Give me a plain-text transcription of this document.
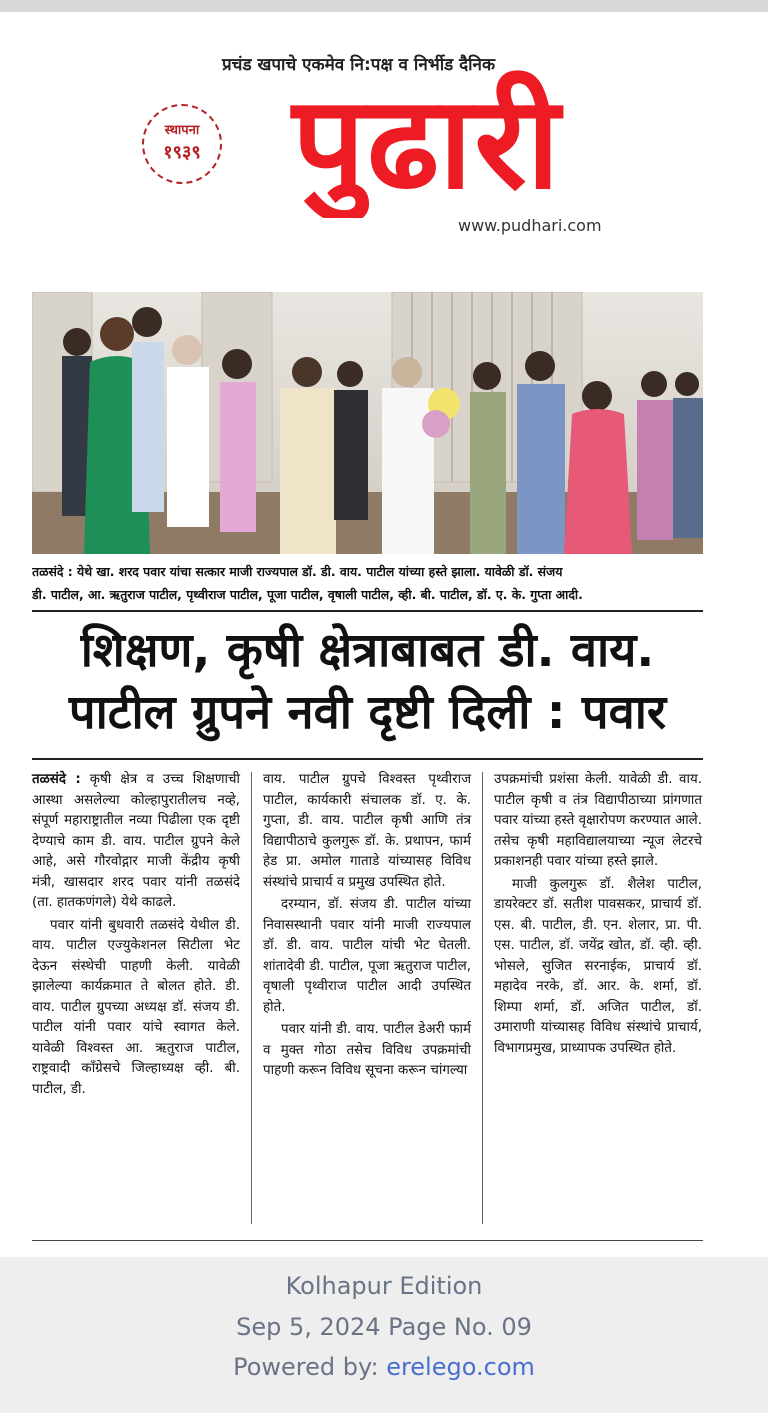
प्रचंड खपाचे एकमेव नि:पक्ष व निर्भीड दैनिक
स्थापना
१९३९ पुढारी
www.pudhari.com
तळसंदे : येथे खा. शरद पवार यांचा सत्कार माजी राज्यपाल डॉ. डी. वाय. पाटील यांच्या हस्ते झाला. यावेळी डॉ. संजय
डी. पाटील, आ. ऋतुराज पाटील, पृथ्वीराज पाटील, पूजा पाटील, वृषाली पाटील, व्ही. बी. पाटील, डॉ. ए. के. गुप्ता आदी.
शिक्षण, कृषी क्षेत्राबाबत डी. वाय.
पाटील ग्रुपने नवी दृष्टी दिली : पवार

तळसंदे : कृषी क्षेत्र व उच्च शिक्षणाची आस्था असलेल्या कोल्हापुरातीलच नव्हे, संपूर्ण महाराष्ट्रातील नव्या पिढीला एक दृष्टी देण्याचे काम डी. वाय. पाटील ग्रुपने केले आहे, असे गौरवोद्गार माजी केंद्रीय कृषी मंत्री, खासदार शरद पवार यांनी तळसंदे (ता. हातकणंगले) येथे काढले.

पवार यांनी बुधवारी तळसंदे येथील डी. वाय. पाटील एज्युकेशनल सिटीला भेट देऊन संस्थेची पाहणी केली. यावेळी झालेल्या कार्यक्रमात ते बोलत होते. डी. वाय. पाटील ग्रुपच्या अध्यक्ष डॉ. संजय डी. पाटील यांनी पवार यांचे स्वागत केले. यावेळी विश्वस्त आ. ऋतुराज पाटील, राष्ट्रवादी काँग्रेसचे जिल्हाध्यक्ष व्ही. बी. पाटील, डी.

वाय. पाटील ग्रुपचे विश्वस्त पृथ्वीराज पाटील, कार्यकारी संचालक डॉ. ए. के. गुप्ता, डी. वाय. पाटील कृषी आणि तंत्र विद्यापीठाचे कुलगुरू डॉ. के. प्रथापन, फार्म हेड प्रा. अमोल गाताडे यांच्यासह विविध संस्थांचे प्राचार्य व प्रमुख उपस्थित होते.

दरम्यान, डॉ. संजय डी. पाटील यांच्या निवासस्थानी पवार यांनी माजी राज्यपाल डॉ. डी. वाय. पाटील यांची भेट घेतली. शांतादेवी डी. पाटील, पूजा ऋतुराज पाटील, वृषाली पृथ्वीराज पाटील आदी उपस्थित होते.

पवार यांनी डी. वाय. पाटील डेअरी फार्म व मुक्त गोठा तसेच विविध उपक्रमांची पाहणी करून विविध सूचना करून चांगल्या

उपक्रमांची प्रशंसा केली. यावेळी डी. वाय. पाटील कृषी व तंत्र विद्यापीठाच्या प्रांगणात पवार यांच्या हस्ते वृक्षारोपण करण्यात आले. तसेच कृषी महाविद्यालयाच्या न्यूज लेटरचे प्रकाशनही पवार यांच्या हस्ते झाले.

माजी कुलगुरू डॉ. शैलेश पाटील, डायरेक्टर डॉ. सतीश पावसकर, प्राचार्य डॉ. एस. बी. पाटील, डी. एन. शेलार, प्रा. पी. एस. पाटील, डॉ. जयेंद्र खोत, डॉ. व्ही. व्ही. भोसले, सुजित सरनाईक, प्राचार्य डॉ. महादेव नरके, डॉ. आर. के. शर्मा, डॉ. शिम्पा शर्मा, डॉ. अजित पाटील, डॉ. उमाराणी यांच्यासह विविध संस्थांचे प्राचार्य, विभागप्रमुख, प्राध्यापक उपस्थित होते.

Kolhapur Edition
Sep 5, 2024 Page No. 09
Powered by: erelego.com
